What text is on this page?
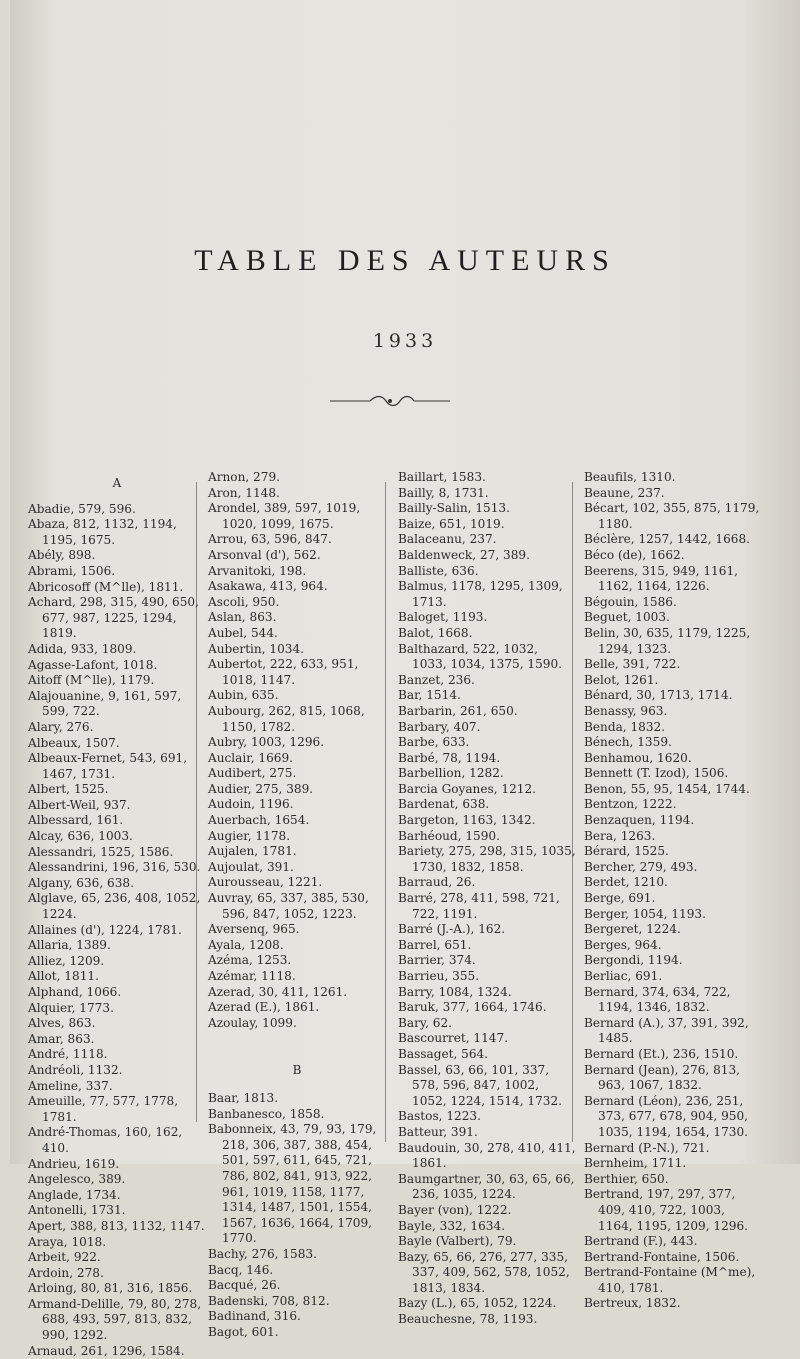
TABLE DES AUTEURS
1933
A

Abadie, 579, 596.

Abaza, 812, 1132, 1194, 1195, 1675.

Abély, 898.

Abrami, 1506.

Abricosoff (M^lle), 1811.

Achard, 298, 315, 490, 650, 677, 987, 1225, 1294, 1819.

Adida, 933, 1809.

Agasse-Lafont, 1018.

Aitoff (M^lle), 1179.

Alajouanine, 9, 161, 597, 599, 722.

Alary, 276.

Albeaux, 1507.

Albeaux-Fernet, 543, 691, 1467, 1731.

Albert, 1525.

Albert-Weil, 937.

Albessard, 161.

Alcay, 636, 1003.

Alessandri, 1525, 1586.

Alessandrini, 196, 316, 530.

Algany, 636, 638.

Alglave, 65, 236, 408, 1052, 1224.

Allaines (d'), 1224, 1781.

Allaria, 1389.

Alliez, 1209.

Allot, 1811.

Alphand, 1066.

Alquier, 1773.

Alves, 863.

Amar, 863.

André, 1118.

Andréoli, 1132.

Ameline, 337.

Ameuille, 77, 577, 1778, 1781.

André-Thomas, 160, 162, 410.

Andrieu, 1619.

Angelesco, 389.

Anglade, 1734.

Antonelli, 1731.

Apert, 388, 813, 1132, 1147.

Araya, 1018.

Arbeit, 922.

Ardoin, 278.

Arloing, 80, 81, 316, 1856.

Armand-Delille, 79, 80, 278, 688, 493, 597, 813, 832, 990, 1292.

Arnaud, 261, 1296, 1584.

Arnon, 279.

Aron, 1148.

Arondel, 389, 597, 1019, 1020, 1099, 1675.

Arrou, 63, 596, 847.

Arsonval (d'), 562.

Arvanitoki, 198.

Asakawa, 413, 964.

Ascoli, 950.

Aslan, 863.

Aubel, 544.

Aubertin, 1034.

Aubertot, 222, 633, 951, 1018, 1147.

Aubin, 635.

Aubourg, 262, 815, 1068, 1150, 1782.

Aubry, 1003, 1296.

Auclair, 1669.

Audibert, 275.

Audier, 275, 389.

Audoin, 1196.

Auerbach, 1654.

Augier, 1178.

Aujalen, 1781.

Aujoulat, 391.

Aurousseau, 1221.

Auvray, 65, 337, 385, 530, 596, 847, 1052, 1223.

Aversenq, 965.

Ayala, 1208.

Azéma, 1253.

Azémar, 1118.

Azerad, 30, 411, 1261.

Azerad (E.), 1861.

Azoulay, 1099.

B

Baar, 1813.

Banbanesco, 1858.

Babonneix, 43, 79, 93, 179, 218, 306, 387, 388, 454, 501, 597, 611, 645, 721, 786, 802, 841, 913, 922, 961, 1019, 1158, 1177, 1314, 1487, 1501, 1554, 1567, 1636, 1664, 1709, 1770.

Bachy, 276, 1583.

Bacq, 146.

Bacqué, 26.

Badenski, 708, 812.

Badinand, 316.

Bagot, 601.

Baillart, 1583.

Bailly, 8, 1731.

Bailly-Salin, 1513.

Baize, 651, 1019.

Balaceanu, 237.

Baldenweck, 27, 389.

Balliste, 636.

Balmus, 1178, 1295, 1309, 1713.

Baloget, 1193.

Balot, 1668.

Balthazard, 522, 1032, 1033, 1034, 1375, 1590.

Banzet, 236.

Bar, 1514.

Barbarin, 261, 650.

Barbary, 407.

Barbe, 633.

Barbé, 78, 1194.

Barbellion, 1282.

Barcia Goyanes, 1212.

Bardenat, 638.

Bargeton, 1163, 1342.

Barhéoud, 1590.

Bariety, 275, 298, 315, 1035, 1730, 1832, 1858.

Barraud, 26.

Barré, 278, 411, 598, 721, 722, 1191.

Barré (J.-A.), 162.

Barrel, 651.

Barrier, 374.

Barrieu, 355.

Barry, 1084, 1324.

Baruk, 377, 1664, 1746.

Bary, 62.

Bascourret, 1147.

Bassaget, 564.

Bassel, 63, 66, 101, 337, 578, 596, 847, 1002, 1052, 1224, 1514, 1732.

Bastos, 1223.

Batteur, 391.

Baudouin, 30, 278, 410, 411, 1861.

Baumgartner, 30, 63, 65, 66, 236, 1035, 1224.

Bayer (von), 1222.

Bayle, 332, 1634.

Bayle (Valbert), 79.

Bazy, 65, 66, 276, 277, 335, 337, 409, 562, 578, 1052, 1813, 1834.

Bazy (L.), 65, 1052, 1224.

Beauchesne, 78, 1193.

Beaufils, 1310.

Beaune, 237.

Bécart, 102, 355, 875, 1179, 1180.

Béclère, 1257, 1442, 1668.

Béco (de), 1662.

Beerens, 315, 949, 1161, 1162, 1164, 1226.

Bégouin, 1586.

Beguet, 1003.

Belin, 30, 635, 1179, 1225, 1294, 1323.

Belle, 391, 722.

Belot, 1261.

Bénard, 30, 1713, 1714.

Benassy, 963.

Benda, 1832.

Bénech, 1359.

Benhamou, 1620.

Bennett (T. Izod), 1506.

Benon, 55, 95, 1454, 1744.

Bentzon, 1222.

Benzaquen, 1194.

Bera, 1263.

Bérard, 1525.

Bercher, 279, 493.

Berdet, 1210.

Berge, 691.

Berger, 1054, 1193.

Bergeret, 1224.

Berges, 964.

Bergondi, 1194.

Berliac, 691.

Bernard, 374, 634, 722, 1194, 1346, 1832.

Bernard (A.), 37, 391, 392, 1485.

Bernard (Et.), 236, 1510.

Bernard (Jean), 276, 813, 963, 1067, 1832.

Bernard (Léon), 236, 251, 373, 677, 678, 904, 950, 1035, 1194, 1654, 1730.

Bernard (P.-N.), 721.

Bernheim, 1711.

Berthier, 650.

Bertrand, 197, 297, 377, 409, 410, 722, 1003, 1164, 1195, 1209, 1296.

Bertrand (F.), 443.

Bertrand-Fontaine, 1506.

Bertrand-Fontaine (M^me), 410, 1781.

Bertreux, 1832.
